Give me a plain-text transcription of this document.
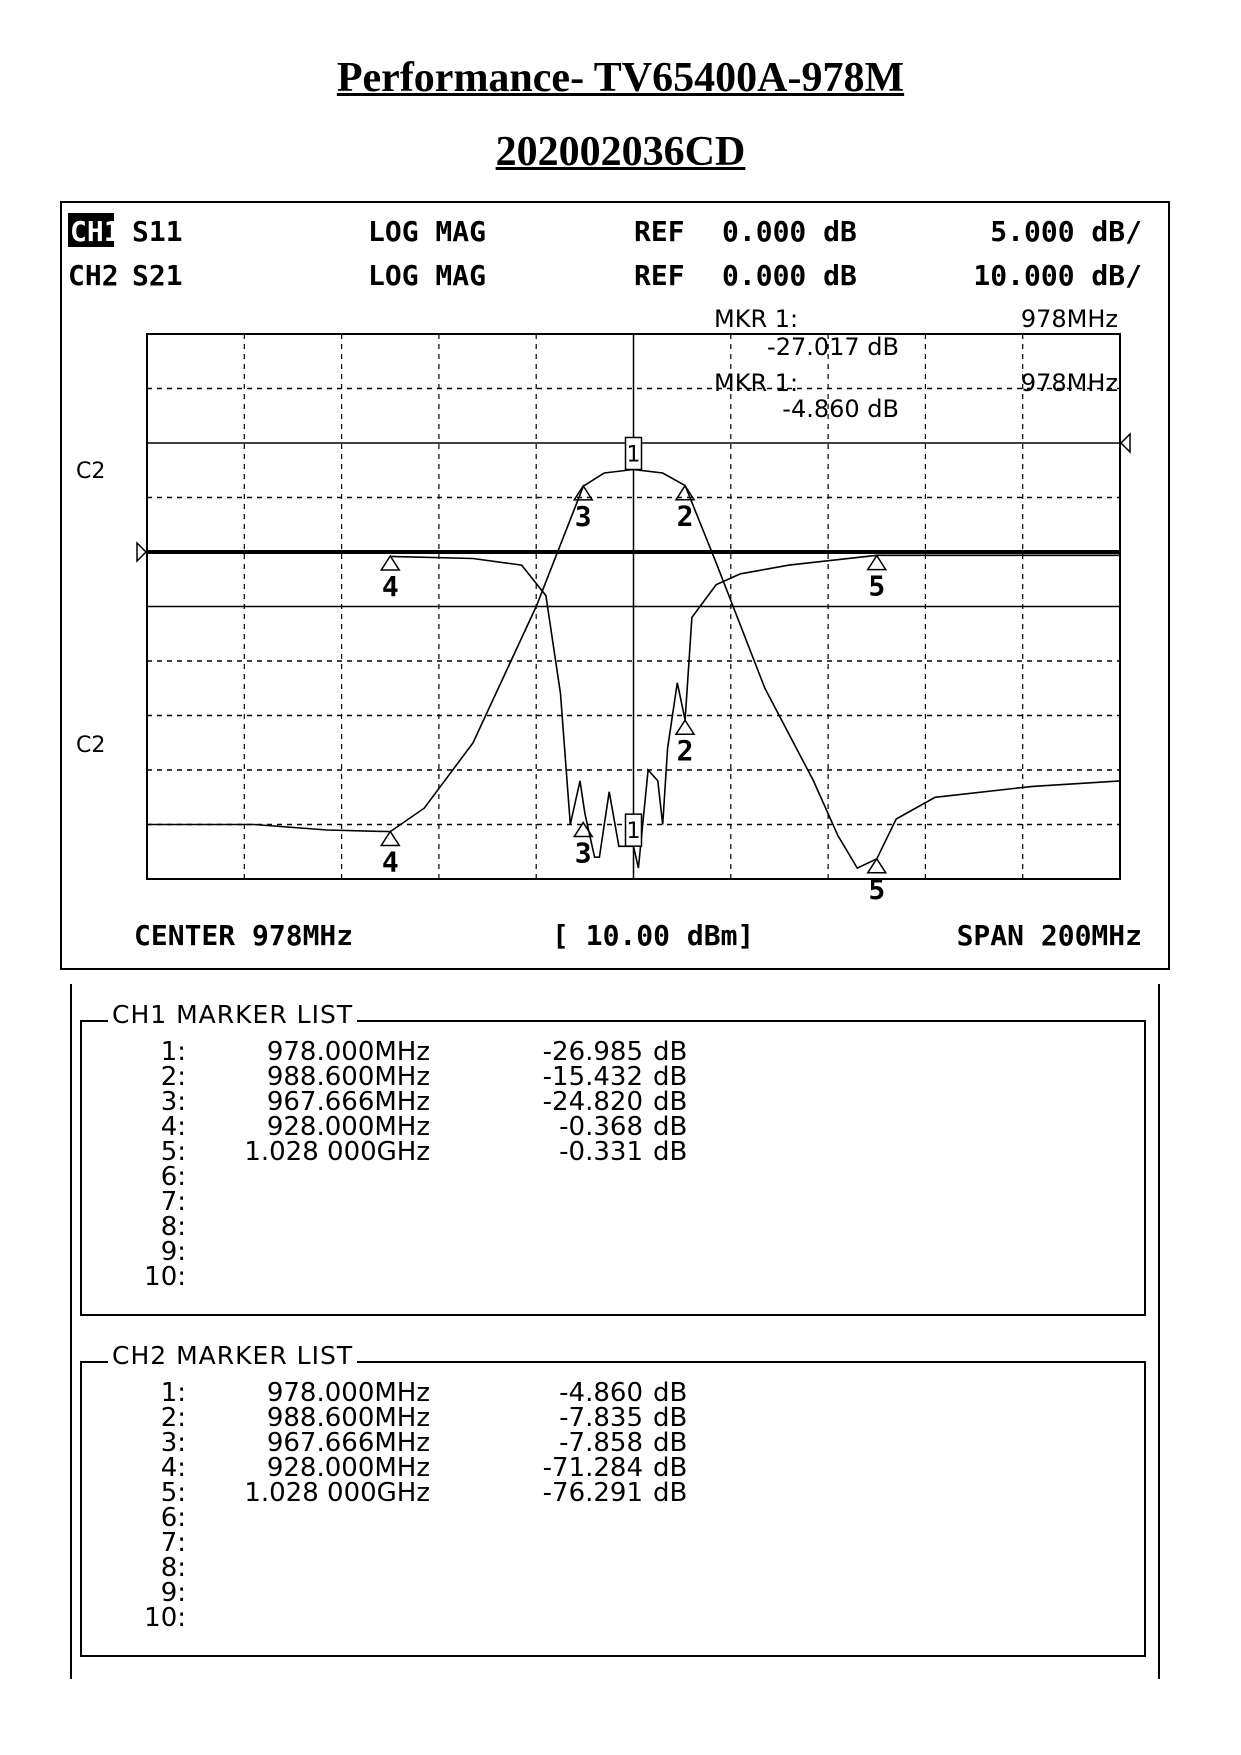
Performance- TV65400A-978M
202002036CD
CH1 S11	LOG MAG	REF 0.000 dB	5.000 dB/
CH2 S21	LOG MAG	REF 0.000 dB	10.000 dB/
C2
C2
1
2
3
4	5
1
2
3
4
5
MKR 1:	978MHz
-27.017 dB
MKR 1:	978MHz
-4.860 dB
CENTER 978MHz	[ 10.00 dBm]	SPAN 200MHz
1:	978.000MHz	-26.985 dB
2:	988.600MHz	-15.432 dB
3:	967.666MHz	-24.820 dB
4:	928.000MHz	-0.368 dB
5:	1.028 000GHz	-0.331 dB
6:
7:
8:
9:
10:
CH1 MARKER LIST
1:	978.000MHz	-4.860 dB
2:	988.600MHz	-7.835 dB
3:	967.666MHz	-7.858 dB
4:	928.000MHz	-71.284 dB
5:	1.028 000GHz	-76.291 dB
6:
7:
8:
9:
10:
CH2 MARKER LIST
